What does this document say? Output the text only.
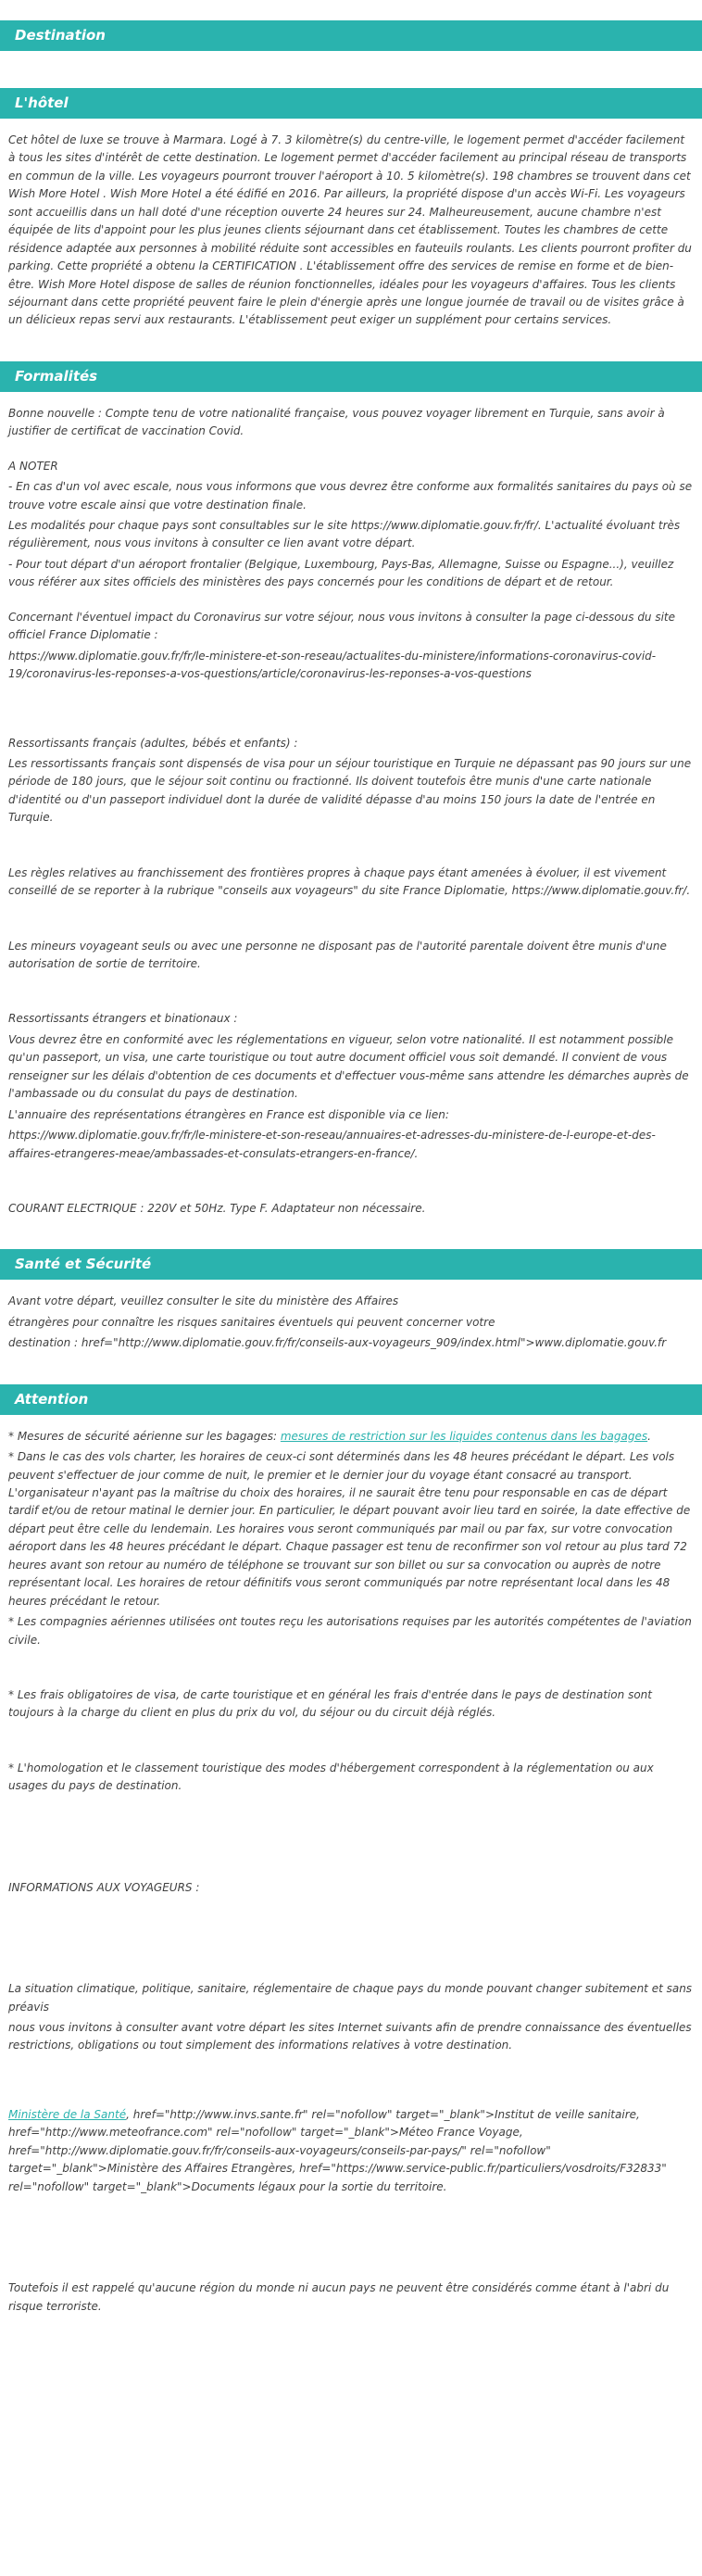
Destination
L'hôtel

Cet hôtel de luxe se trouve à Marmara. Logé à 7. 3 kilomètre(s) du centre-ville, le logement permet d'accéder facilement à tous les sites d'intérêt de cette destination. Le logement permet d'accéder facilement au principal réseau de transports en commun de la ville. Les voyageurs pourront trouver l'aéroport à 10. 5 kilomètre(s). 198 chambres se trouvent dans cet Wish More Hotel . Wish More Hotel a été édifié en 2016. Par ailleurs, la propriété dispose d'un accès Wi-Fi. Les voyageurs sont accueillis dans un hall doté d'une réception ouverte 24 heures sur 24. Malheureusement, aucune chambre n'est équipée de lits d'appoint pour les plus jeunes clients séjournant dans cet établissement. Toutes les chambres de cette résidence adaptée aux personnes à mobilité réduite sont accessibles en fauteuils roulants. Les clients pourront profiter du parking. Cette propriété a obtenu la CERTIFICATION . L'établissement offre des services de remise en forme et de bien-être. Wish More Hotel dispose de salles de réunion fonctionnelles, idéales pour les voyageurs d'affaires. Tous les clients séjournant dans cette propriété peuvent faire le plein d'énergie après une longue journée de travail ou de visites grâce à un délicieux repas servi aux restaurants. L'établissement peut exiger un supplément pour certains services.

Formalités

Bonne nouvelle : Compte tenu de votre nationalité française, vous pouvez voyager librement en Turquie, sans avoir à justifier de certificat de vaccination Covid.

A NOTER

- En cas d'un vol avec escale, nous vous informons que vous devrez être conforme aux formalités sanitaires du pays où se trouve votre escale ainsi que votre destination finale.

Les modalités pour chaque pays sont consultables sur le site https://www.diplomatie.gouv.fr/fr/. L'actualité évoluant très régulièrement, nous vous invitons à consulter ce lien avant votre départ.

- Pour tout départ d'un aéroport frontalier (Belgique, Luxembourg, Pays-Bas, Allemagne, Suisse ou Espagne...), veuillez vous référer aux sites officiels des ministères des pays concernés pour les conditions de départ et de retour.

Concernant l'éventuel impact du Coronavirus sur votre séjour, nous vous invitons à consulter la page ci-dessous du site officiel France Diplomatie :

https://www.diplomatie.gouv.fr/fr/le-ministere-et-son-reseau/actualites-du-ministere/informations-coronavirus-covid-19/coronavirus-les-reponses-a-vos-questions/article/coronavirus-les-reponses-a-vos-questions

Ressortissants français (adultes, bébés et enfants) :

Les ressortissants français sont dispensés de visa pour un séjour touristique en Turquie ne dépassant pas 90 jours sur une période de 180 jours, que le séjour soit continu ou fractionné. Ils doivent toutefois être munis d'une carte nationale d'identité ou d'un passeport individuel dont la durée de validité dépasse d'au moins 150 jours la date de l'entrée en Turquie.

Les règles relatives au franchissement des frontières propres à chaque pays étant amenées à évoluer, il est vivement conseillé de se reporter à la rubrique "conseils aux voyageurs" du site France Diplomatie, https://www.diplomatie.gouv.fr/.

Les mineurs voyageant seuls ou avec une personne ne disposant pas de l'autorité parentale doivent être munis d'une autorisation de sortie de territoire.

Ressortissants étrangers et binationaux :

Vous devrez être en conformité avec les réglementations en vigueur, selon votre nationalité. Il est notamment possible qu'un passeport, un visa, une carte touristique ou tout autre document officiel vous soit demandé. Il convient de vous renseigner sur les délais d'obtention de ces documents et d'effectuer vous-même sans attendre les démarches auprès de l'ambassade ou du consulat du pays de destination.

L'annuaire des représentations étrangères en France est disponible via ce lien:

https://www.diplomatie.gouv.fr/fr/le-ministere-et-son-reseau/annuaires-et-adresses-du-ministere-de-l-europe-et-des-affaires-etrangeres-meae/ambassades-et-consulats-etrangers-en-france/.

COURANT ELECTRIQUE : 220V et 50Hz. Type F. Adaptateur non nécessaire.

Santé et Sécurité

Avant votre départ, veuillez consulter le site du ministère des Affaires

étrangères pour connaître les risques sanitaires éventuels qui peuvent concerner votre

destination : href="http://www.diplomatie.gouv.fr/fr/conseils-aux-voyageurs_909/index.html">www.diplomatie.gouv.fr

Attention

* Mesures de sécurité aérienne sur les bagages: mesures de restriction sur les liquides contenus dans les bagages.

* Dans le cas des vols charter, les horaires de ceux-ci sont déterminés dans les 48 heures précédant le départ. Les vols peuvent s'effectuer de jour comme de nuit, le premier et le dernier jour du voyage étant consacré au transport. L'organisateur n'ayant pas la maîtrise du choix des horaires, il ne saurait être tenu pour responsable en cas de départ tardif et/ou de retour matinal le dernier jour. En particulier, le départ pouvant avoir lieu tard en soirée, la date effective de départ peut être celle du lendemain. Les horaires vous seront communiqués par mail ou par fax, sur votre convocation aéroport dans les 48 heures précédant le départ. Chaque passager est tenu de reconfirmer son vol retour au plus tard 72 heures avant son retour au numéro de téléphone se trouvant sur son billet ou sur sa convocation ou auprès de notre représentant local. Les horaires de retour définitifs vous seront communiqués par notre représentant local dans les 48 heures précédant le retour.

* Les compagnies aériennes utilisées ont toutes reçu les autorisations requises par les autorités compétentes de l'aviation civile.

* Les frais obligatoires de visa, de carte touristique et en général les frais d'entrée dans le pays de destination sont toujours à la charge du client en plus du prix du vol, du séjour ou du circuit déjà réglés.

* L'homologation et le classement touristique des modes d'hébergement correspondent à la réglementation ou aux usages du pays de destination.

INFORMATIONS AUX VOYAGEURS :

La situation climatique, politique, sanitaire, réglementaire de chaque pays du monde pouvant changer subitement et sans préavis

nous vous invitons à consulter avant votre départ les sites Internet suivants afin de prendre connaissance des éventuelles restrictions, obligations ou tout simplement des informations relatives à votre destination.

Ministère de la Santé, href="http://www.invs.sante.fr" rel="nofollow" target="_blank">Institut de veille sanitaire, href="http://www.meteofrance.com" rel="nofollow" target="_blank">Méteo France Voyage, href="http://www.diplomatie.gouv.fr/fr/conseils-aux-voyageurs/conseils-par-pays/" rel="nofollow" target="_blank">Ministère des Affaires Etrangères, href="https://www.service-public.fr/particuliers/vosdroits/F32833" rel="nofollow" target="_blank">Documents légaux pour la sortie du territoire.

Toutefois il est rappelé qu'aucune région du monde ni aucun pays ne peuvent être considérés comme étant à l'abri du risque terroriste.
